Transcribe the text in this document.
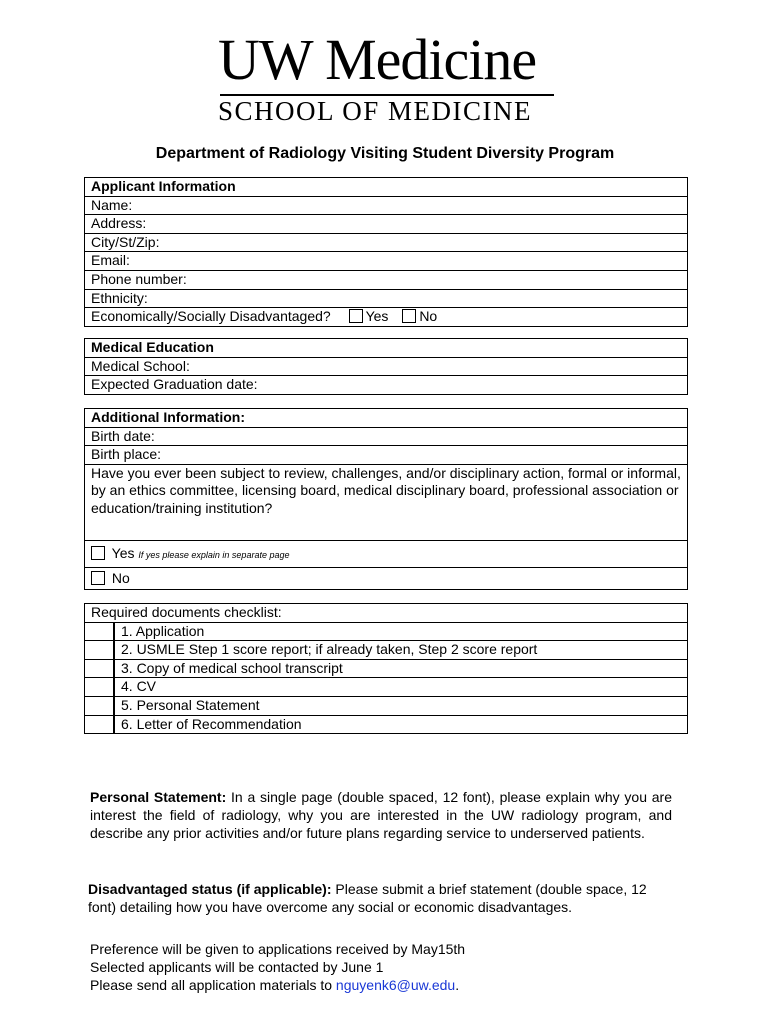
UW Medicine
SCHOOL OF MEDICINE
Department of Radiology Visiting Student Diversity Program
Applicant Information
Name:
Address:
City/St/Zip:
Email:
Phone number:
Ethnicity:
Economically/Socially Disadvantaged? Yes No
Medical Education
Medical School:
Expected Graduation date:
Additional Information:
Birth date:
Birth place:
Have you ever been subject to review, challenges, and/or disciplinary action, formal or informal, by an ethics committee, licensing board, medical disciplinary board, professional association or education/training institution?
Yes If yes please explain in separate page
No
Required documents checklist:
1. Application
2. USMLE Step 1 score report; if already taken, Step 2 score report
3. Copy of medical school transcript
4. CV
5. Personal Statement
6. Letter of Recommendation
Personal Statement: In a single page (double spaced, 12 font), please explain why you are interest the field of radiology, why you are interested in the UW radiology program, and describe any prior activities and/or future plans regarding service to underserved patients.
Disadvantaged status (if applicable): Please submit a brief statement (double space, 12 font) detailing how you have overcome any social or economic disadvantages.
Preference will be given to applications received by May15th
Selected applicants will be contacted by June 1
Please send all application materials to nguyenk6@uw.edu.
